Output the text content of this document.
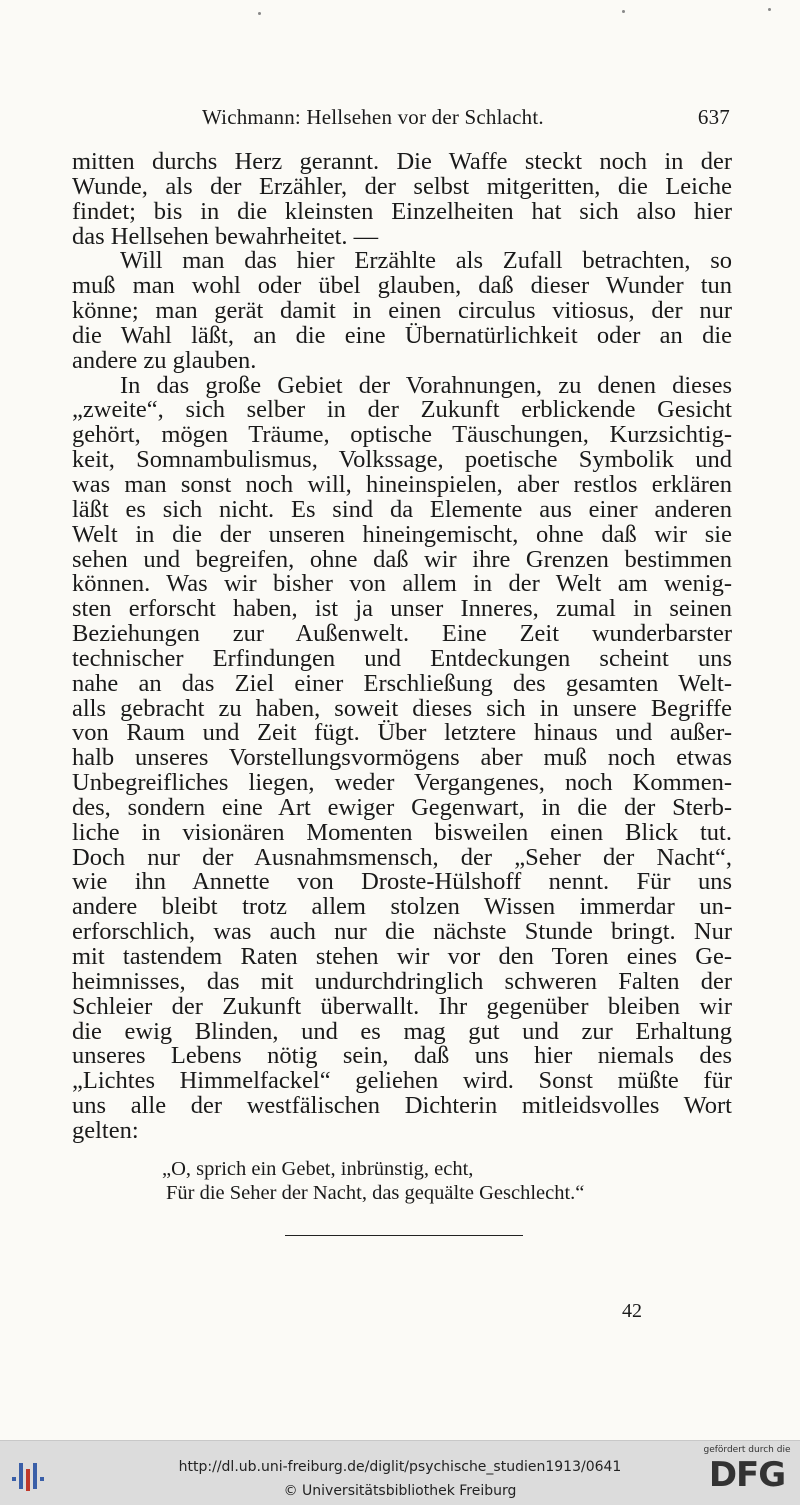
Wichmann: Hellsehen vor der Schlacht.	637
mitten durchs Herz gerannt. Die Waffe steckt noch in der
Wunde, als der Erzähler, der selbst mitgeritten, die Leiche
findet; bis in die kleinsten Einzelheiten hat sich also hier
das Hellsehen bewahrheitet. —
Will man das hier Erzählte als Zufall betrachten, so
muß man wohl oder übel glauben, daß dieser Wunder tun
könne; man gerät damit in einen circulus vitiosus, der nur
die Wahl läßt, an die eine Übernatürlichkeit oder an die
andere zu glauben.
In das große Gebiet der Vorahnungen, zu denen dieses
„zweite“, sich selber in der Zukunft erblickende Gesicht
gehört, mögen Träume, optische Täuschungen, Kurzsichtig-
keit, Somnambulismus, Volkssage, poetische Symbolik und
was man sonst noch will, hineinspielen, aber restlos erklären
läßt es sich nicht. Es sind da Elemente aus einer anderen
Welt in die der unseren hineingemischt, ohne daß wir sie
sehen und begreifen, ohne daß wir ihre Grenzen bestimmen
können. Was wir bisher von allem in der Welt am wenig-
sten erforscht haben, ist ja unser Inneres, zumal in seinen
Beziehungen zur Außenwelt. Eine Zeit wunderbarster
technischer Erfindungen und Entdeckungen scheint uns
nahe an das Ziel einer Erschließung des gesamten Welt-
alls gebracht zu haben, soweit dieses sich in unsere Begriffe
von Raum und Zeit fügt. Über letztere hinaus und außer-
halb unseres Vorstellungsvormögens aber muß noch etwas
Unbegreifliches liegen, weder Vergangenes, noch Kommen-
des, sondern eine Art ewiger Gegenwart, in die der Sterb-
liche in visionären Momenten bisweilen einen Blick tut.
Doch nur der Ausnahmsmensch, der „Seher der Nacht“,
wie ihn Annette von Droste-Hülshoff nennt. Für uns
andere bleibt trotz allem stolzen Wissen immerdar un-
erforschlich, was auch nur die nächste Stunde bringt. Nur
mit tastendem Raten stehen wir vor den Toren eines Ge-
heimnisses, das mit undurchdringlich schweren Falten der
Schleier der Zukunft überwallt. Ihr gegenüber bleiben wir
die ewig Blinden, und es mag gut und zur Erhaltung
unseres Lebens nötig sein, daß uns hier niemals des
„Lichtes Himmelfackel“ geliehen wird. Sonst müßte für
uns alle der westfälischen Dichterin mitleidsvolles Wort
gelten:
„O, sprich ein Gebet, inbrünstig, echt,
Für die Seher der Nacht, das gequälte Geschlecht.“
42
http://dl.ub.uni-freiburg.de/diglit/psychische_studien1913/0641
© Universitätsbibliothek Freiburg
gefördert durch die
DFG
